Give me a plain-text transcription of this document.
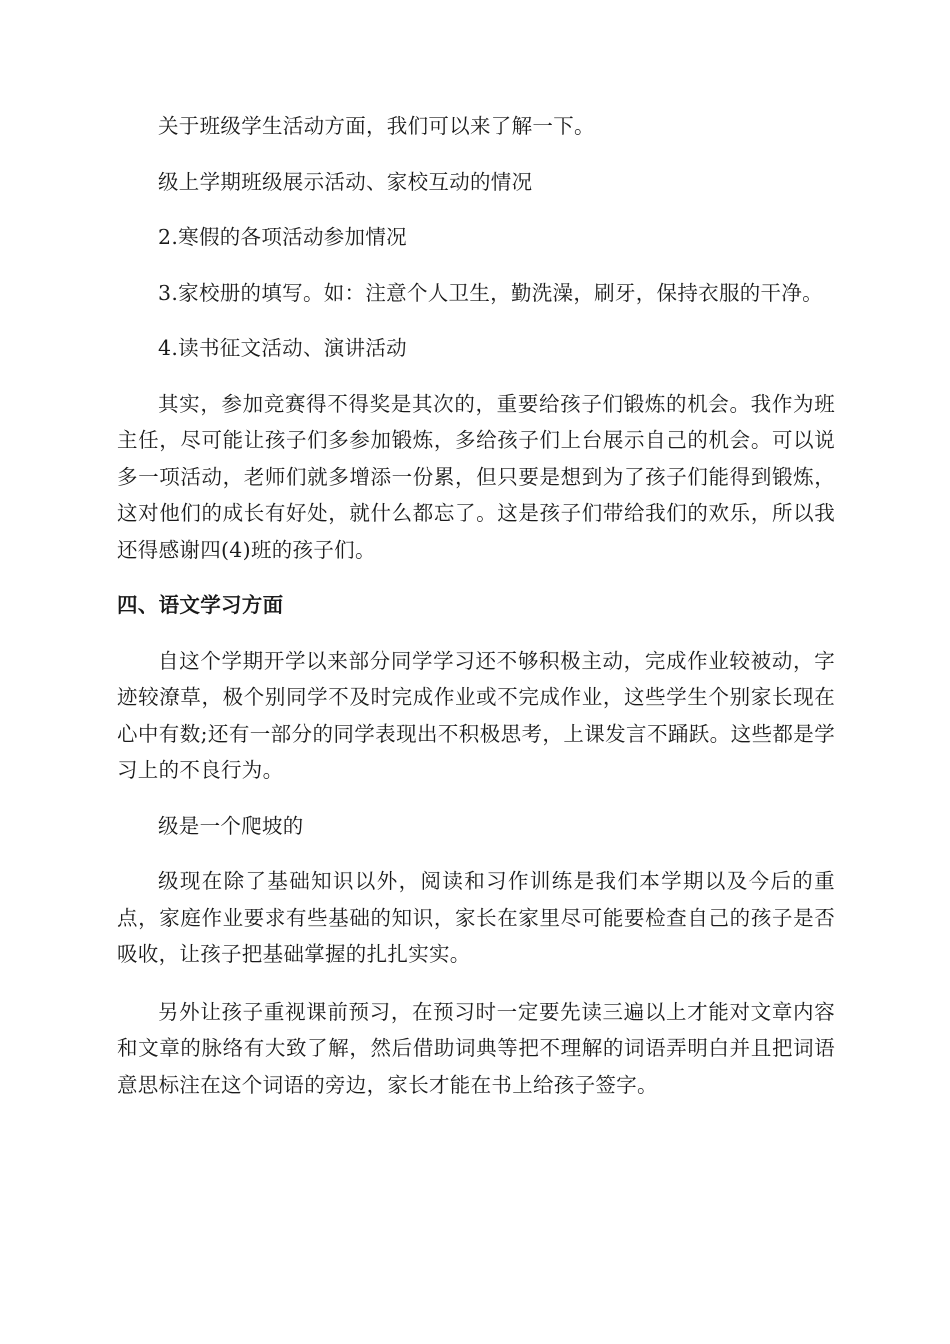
关于班级学生活动方面，我们可以来了解一下。

级上学期班级展示活动、家校互动的情况

2.寒假的各项活动参加情况

3.家校册的填写。如：注意个人卫生，勤洗澡，刷牙，保持衣服的干净。

4.读书征文活动、演讲活动

其实，参加竞赛得不得奖是其次的，重要给孩子们锻炼的机会。我作为班主任，尽可能让孩子们多参加锻炼，多给孩子们上台展示自己的机会。可以说多一项活动，老师们就多增添一份累，但只要是想到为了孩子们能得到锻炼，这对他们的成长有好处，就什么都忘了。这是孩子们带给我们的欢乐，所以我还得感谢四(4)班的孩子们。

四、语文学习方面

自这个学期开学以来部分同学学习还不够积极主动，完成作业较被动，字迹较潦草，极个别同学不及时完成作业或不完成作业，这些学生个别家长现在心中有数;还有一部分的同学表现出不积极思考，上课发言不踊跃。这些都是学习上的不良行为。

级是一个爬坡的

级现在除了基础知识以外，阅读和习作训练是我们本学期以及今后的重点，家庭作业要求有些基础的知识，家长在家里尽可能要检查自己的孩子是否吸收，让孩子把基础掌握的扎扎实实。

另外让孩子重视课前预习，在预习时一定要先读三遍以上才能对文章内容和文章的脉络有大致了解，然后借助词典等把不理解的词语弄明白并且把词语意思标注在这个词语的旁边，家长才能在书上给孩子签字。
